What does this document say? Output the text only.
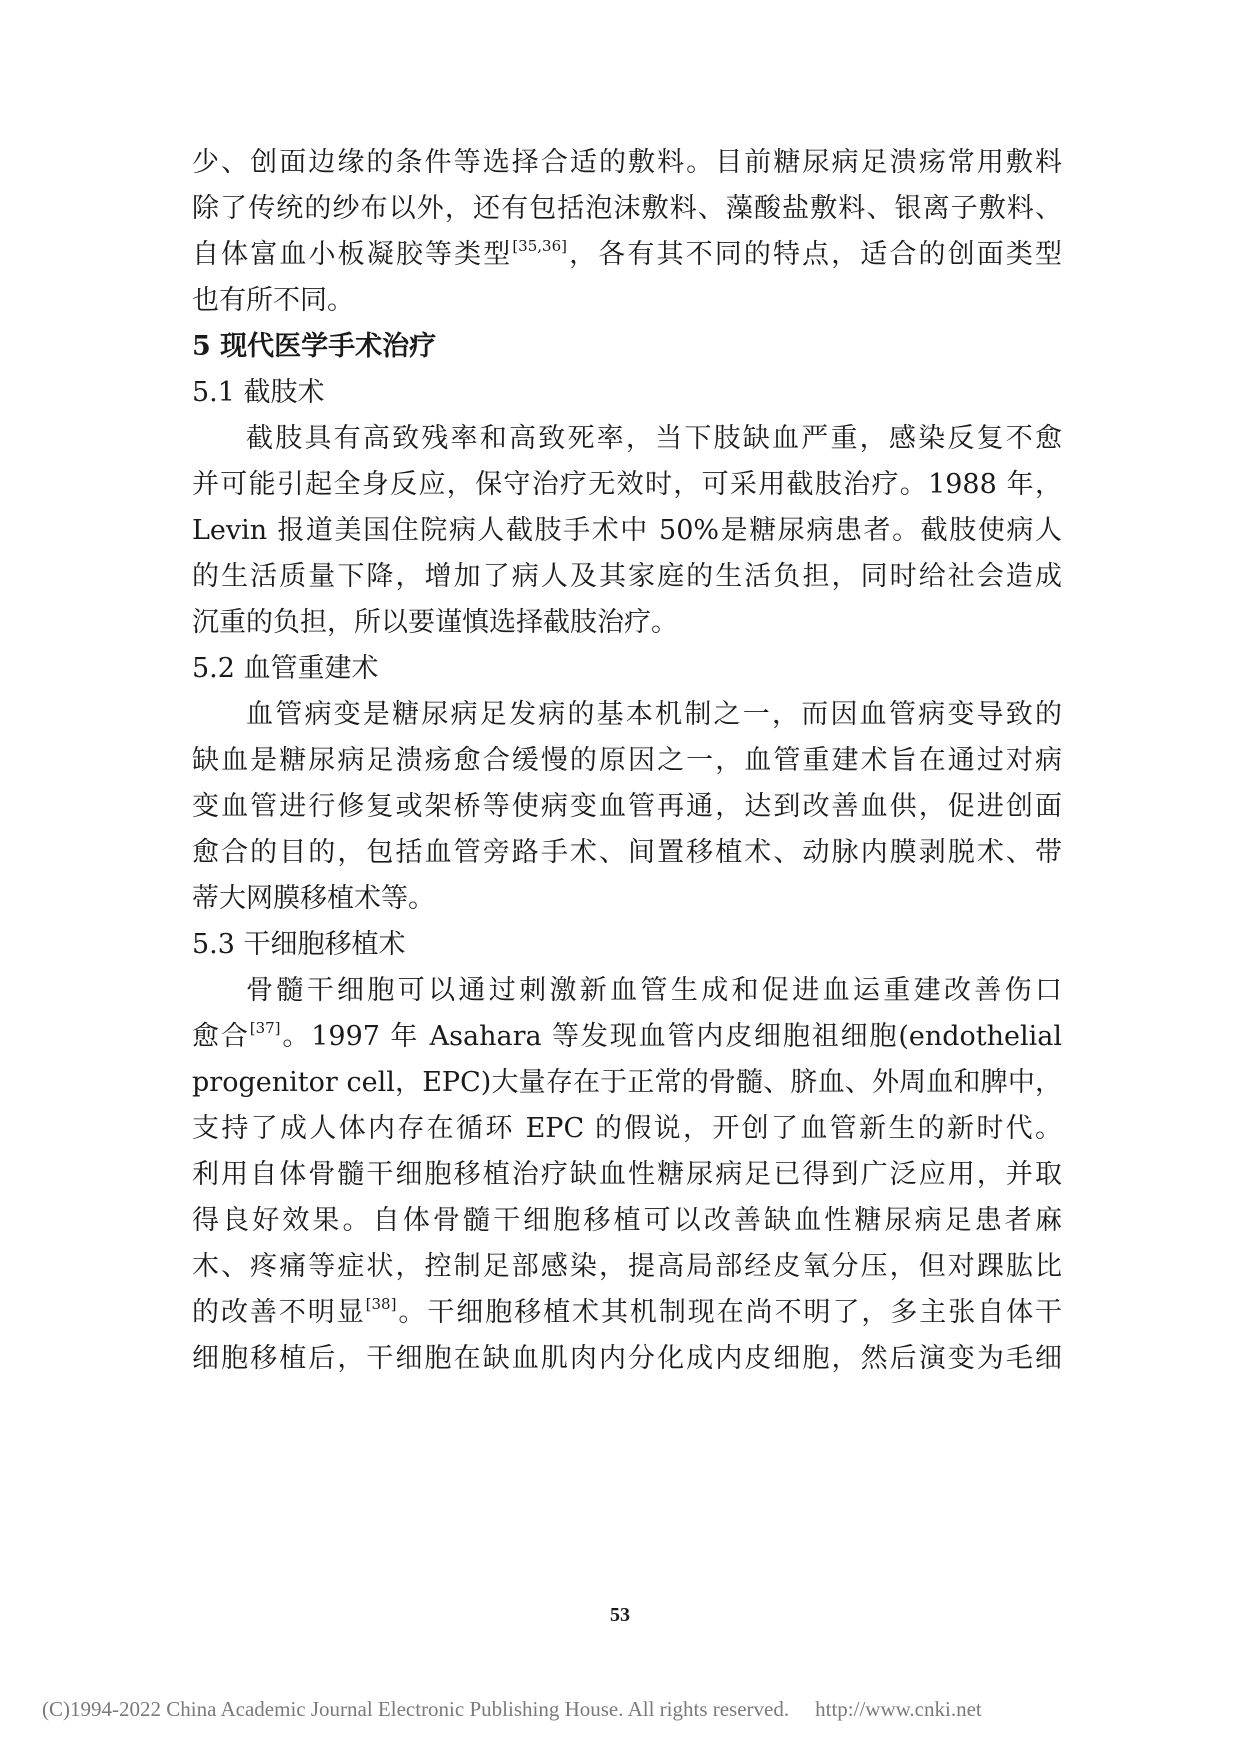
少、创面边缘的条件等选择合适的敷料。目前糖尿病足溃疡常用敷料
除了传统的纱布以外，还有包括泡沫敷料、藻酸盐敷料、银离子敷料、
自体富血小板凝胶等类型[35,36]，各有其不同的特点，适合的创面类型
也有所不同。
5 现代医学手术治疗
5.1 截肢术
截肢具有高致残率和高致死率，当下肢缺血严重，感染反复不愈
并可能引起全身反应，保守治疗无效时，可采用截肢治疗。1988 年，
Levin 报道美国住院病人截肢手术中 50%是糖尿病患者。截肢使病人
的生活质量下降，增加了病人及其家庭的生活负担，同时给社会造成
沉重的负担，所以要谨慎选择截肢治疗。
5.2 血管重建术
血管病变是糖尿病足发病的基本机制之一，而因血管病变导致的
缺血是糖尿病足溃疡愈合缓慢的原因之一，血管重建术旨在通过对病
变血管进行修复或架桥等使病变血管再通，达到改善血供，促进创面
愈合的目的，包括血管旁路手术、间置移植术、动脉内膜剥脱术、带
蒂大网膜移植术等。
5.3 干细胞移植术
骨髓干细胞可以通过刺激新血管生成和促进血运重建改善伤口
愈合[37]。1997 年 Asahara 等发现血管内皮细胞祖细胞(endothelial
progenitor cell，EPC)大量存在于正常的骨髓、脐血、外周血和脾中，
支持了成人体内存在循环 EPC 的假说，开创了血管新生的新时代。
利用自体骨髓干细胞移植治疗缺血性糖尿病足已得到广泛应用，并取
得良好效果。自体骨髓干细胞移植可以改善缺血性糖尿病足患者麻
木、疼痛等症状，控制足部感染，提高局部经皮氧分压，但对踝肱比
的改善不明显[38]。干细胞移植术其机制现在尚不明了，多主张自体干
细胞移植后，干细胞在缺血肌肉内分化成内皮细胞，然后演变为毛细
53
(C)1994-2022 China Academic Journal Electronic Publishing House. All rights reserved. http://www.cnki.net
